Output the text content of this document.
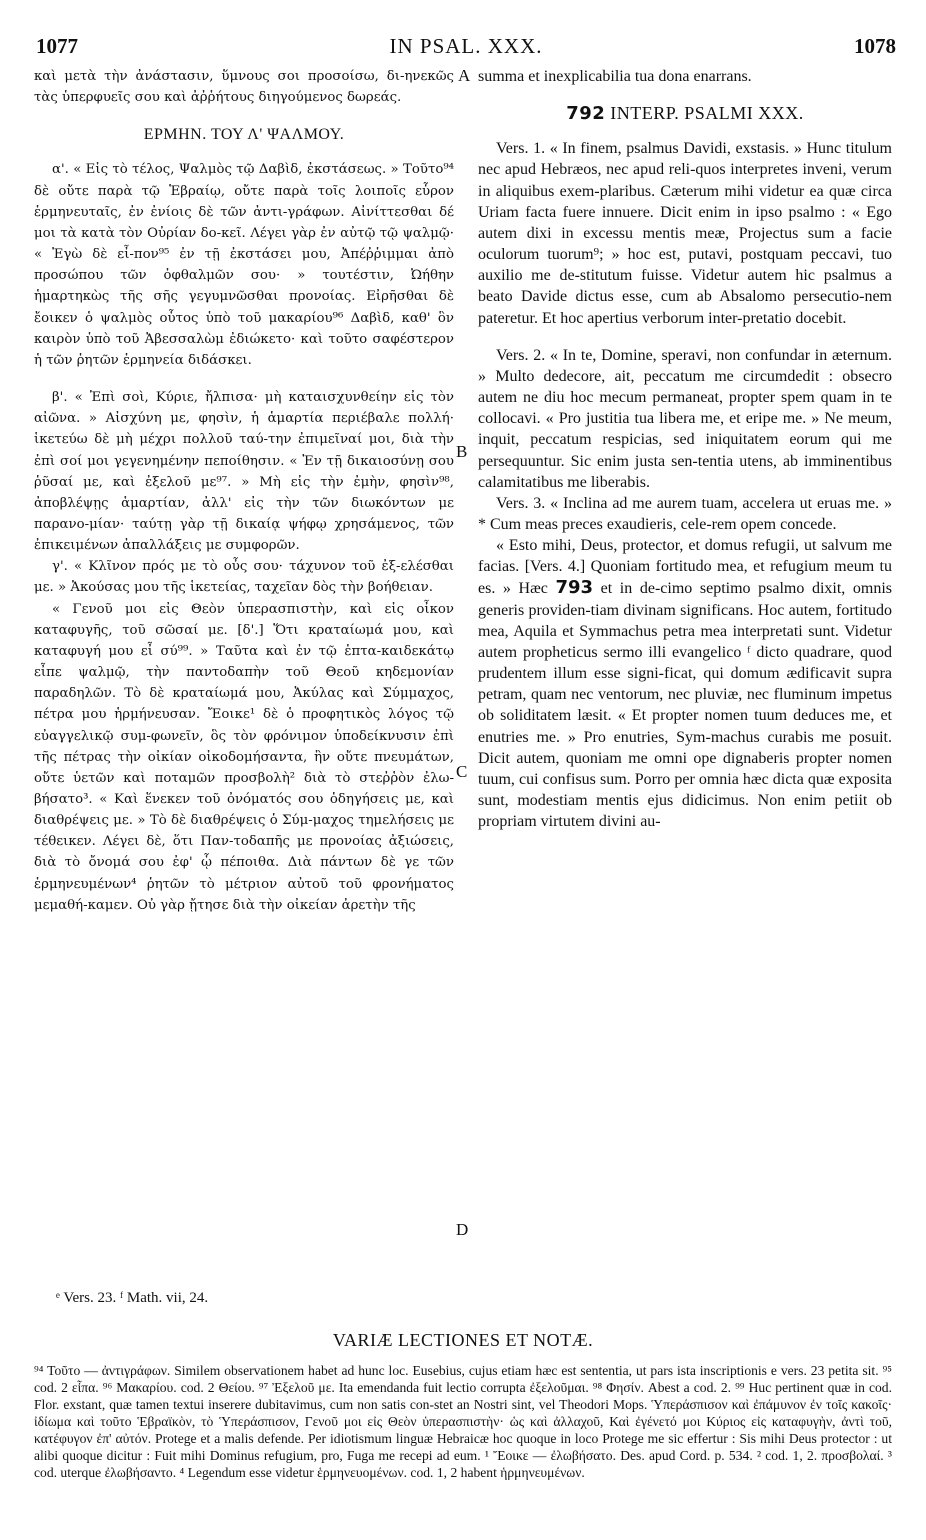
1077	IN PSAL. XXX.	1078
A
B
C
D

καὶ μετὰ τὴν ἀνάστασιν, ὕμνους σοι προσοίσω, δι-ηνεκῶς τὰς ὑπερφυεῖς σου καὶ ἀῤῥήτους διηγούμενος δωρεάς.

ΕΡΜΗΝ. ΤΟΥ Λ' ΨΑΛΜΟΥ.

α'. « Εἰς τὸ τέλος, Ψαλμὸς τῷ Δαβὶδ, ἐκστάσεως. » Τοῦτο⁹⁴ δὲ οὔτε παρὰ τῷ Ἑβραίῳ, οὔτε παρὰ τοῖς λοιποῖς εὗρον ἑρμηνευταῖς, ἐν ἐνίοις δὲ τῶν ἀντι-γράφων. Αἰνίττεσθαι δέ μοι τὰ κατὰ τὸν Οὐρίαν δο-κεῖ. Λέγει γὰρ ἐν αὐτῷ τῷ ψαλμῷ· « Ἐγὼ δὲ εἶ-πον⁹⁵ ἐν τῇ ἐκστάσει μου, Ἀπέῤῥιμμαι ἀπὸ προσώπου τῶν ὀφθαλμῶν σου· » τουτέστιν, Ὠήθην ἡμαρτηκὼς τῆς σῆς γεγυμνῶσθαι προνοίας. Εἰρῆσθαι δὲ ἔοικεν ὁ ψαλμὸς οὗτος ὑπὸ τοῦ μακαρίου⁹⁶ Δαβὶδ, καθ' ὃν καιρὸν ὑπὸ τοῦ Ἀβεσσαλὼμ ἐδιώκετο· καὶ τοῦτο σαφέστερον ἡ τῶν ῥητῶν ἑρμηνεία διδάσκει.

β'. « Ἐπὶ σοὶ, Κύριε, ἤλπισα· μὴ καταισχυνθείην εἰς τὸν αἰῶνα. » Αἰσχύνη με, φησὶν, ἡ ἁμαρτία περιέβαλε πολλή· ἱκετεύω δὲ μὴ μέχρι πολλοῦ ταύ-την ἐπιμεῖναί μοι, διὰ τὴν ἐπὶ σοί μοι γεγενημένην πεποίθησιν. « Ἐν τῇ δικαιοσύνῃ σου ῥῦσαί με, καὶ ἐξελοῦ με⁹⁷. » Μὴ εἰς τὴν ἐμὴν, φησὶν⁹⁸, ἀποβλέψῃς ἁμαρτίαν, ἀλλ' εἰς τὴν τῶν διωκόντων με παρανο-μίαν· ταύτῃ γὰρ τῇ δικαίᾳ ψήφῳ χρησάμενος, τῶν ἐπικειμένων ἀπαλλάξεις με συμφορῶν.

γ'. « Κλῖνον πρός με τὸ οὖς σου· τάχυνον τοῦ ἐξ-ελέσθαι με. » Ἀκούσας μου τῆς ἱκετείας, ταχεῖαν δὸς τὴν βοήθειαν.

« Γενοῦ μοι εἰς Θεὸν ὑπερασπιστὴν, καὶ εἰς οἶκον καταφυγῆς, τοῦ σῶσαί με. [δ'.] Ὅτι κραταίωμά μου, καὶ καταφυγή μου εἶ σύ⁹⁹. » Ταῦτα καὶ ἐν τῷ ἑπτα-καιδεκάτῳ εἶπε ψαλμῷ, τὴν παντοδαπὴν τοῦ Θεοῦ κηδεμονίαν παραδηλῶν. Τὸ δὲ κραταίωμά μου, Ἀκύλας καὶ Σύμμαχος, πέτρα μου ἡρμήνευσαν. Ἔοικε¹ δὲ ὁ προφητικὸς λόγος τῷ εὐαγγελικῷ συμ-φωνεῖν, ὃς τὸν φρόνιμον ὑποδείκνυσιν ἐπὶ τῆς πέτρας τὴν οἰκίαν οἰκοδομήσαντα, ἣν οὔτε πνευμάτων, οὔτε ὑετῶν καὶ ποταμῶν προσβολὴ² διὰ τὸ στεῤῥὸν ἐλω-βήσατο³. « Καὶ ἕνεκεν τοῦ ὀνόματός σου ὁδηγήσεις με, καὶ διαθρέψεις με. » Τὸ δὲ διαθρέψεις ὁ Σύμ-μαχος τημελήσεις με τέθεικεν. Λέγει δὲ, ὅτι Παν-τοδαπῆς με προνοίας ἀξιώσεις, διὰ τὸ ὄνομά σου ἐφ' ᾧ πέποιθα. Διὰ πάντων δὲ γε τῶν ἑρμηνευμένων⁴ ῥητῶν τὸ μέτριον αὐτοῦ τοῦ φρονήματος μεμαθή-καμεν. Οὐ γὰρ ᾔτησε διὰ τὴν οἰκείαν ἀρετὴν τῆς

summa et inexplicabilia tua dona enarrans.

792 INTERP. PSALMI XXX.

Vers. 1. « In finem, psalmus Davidi, exstasis. » Hunc titulum nec apud Hebræos, nec apud reli-quos interpretes inveni, verum in aliquibus exem-plaribus. Cæterum mihi videtur ea quæ circa Uriam facta fuere innuere. Dicit enim in ipso psalmo : « Ego autem dixi in excessu mentis meæ, Projectus sum a facie oculorum tuorum⁹; » hoc est, putavi, postquam peccavi, tuo auxilio me de-stitutum fuisse. Videtur autem hic psalmus a beato Davide dictus esse, cum ab Absalomo persecutio-nem pateretur. Et hoc apertius verborum inter-pretatio docebit.

Vers. 2. « In te, Domine, speravi, non confundar in æternum. » Multo dedecore, ait, peccatum me circumdedit : obsecro autem ne diu hoc mecum permaneat, propter spem quam in te collocavi. « Pro justitia tua libera me, et eripe me. » Ne meum, inquit, peccatum respicias, sed iniquitatem eorum qui me persequuntur. Sic enim justa sen-tentia utens, ab imminentibus calamitatibus me liberabis.

Vers. 3. « Inclina ad me aurem tuam, accelera ut eruas me. » * Cum meas preces exaudieris, cele-rem opem concede.

« Esto mihi, Deus, protector, et domus refugii, ut salvum me facias. [Vers. 4.] Quoniam fortitudo mea, et refugium meum tu es. » Hæc 793 et in de-cimo septimo psalmo dixit, omnis generis providen-tiam divinam significans. Hoc autem, fortitudo mea, Aquila et Symmachus petra mea interpretati sunt. Videtur autem propheticus sermo illi evangelico ᶠ dicto quadrare, quod prudentem illum esse signi-ficat, qui domum ædificavit supra petram, quam nec ventorum, nec pluviæ, nec fluminum impetus ob soliditatem læsit. « Et propter nomen tuum deduces me, et enutries me. » Pro enutries, Sym-machus curabis me posuit. Dicit autem, quoniam me omni ope dignaberis propter nomen tuum, cui confisus sum. Porro per omnia hæc dicta quæ exposita sunt, modestiam mentis ejus didicimus. Non enim petiit ob propriam virtutem divini au-

ᵉ Vers. 23. ᶠ Math. vii, 24.
VARIÆ LECTIONES ET NOTÆ.

⁹⁴ Τοῦτο — ἀντιγράφων. Similem observationem habet ad hunc loc. Eusebius, cujus etiam hæc est sententia, ut pars ista inscriptionis e vers. 23 petita sit. ⁹⁵ cod. 2 εἶπα. ⁹⁶ Μακαρίου. cod. 2 Θείου. ⁹⁷ Ἐξελοῦ με. Ita emendanda fuit lectio corrupta ἐξελοῦμαι. ⁹⁸ Φησίν. Abest a cod. 2. ⁹⁹ Huc pertinent quæ in cod. Flor. exstant, quæ tamen textui inserere dubitavimus, cum non satis con-stet an Nostri sint, vel Theodori Mops. Ὑπεράσπισον καὶ ἐπάμυνον ἐν τοῖς κακοῖς· ἰδίωμα καὶ τοῦτο Ἑβραϊκὸν, τὸ Ὑπεράσπισον, Γενοῦ μοι εἰς Θεὸν ὑπερασπιστὴν· ὡς καὶ ἀλλαχοῦ, Καὶ ἐγένετό μοι Κύριος εἰς καταφυγὴν, ἀντὶ τοῦ, κατέφυγον ἐπ' αὐτόν. Protege et a malis defende. Per idiotismum linguæ Hebraicæ hoc quoque in loco Protege me sic effertur : Sis mihi Deus protector : ut alibi quoque dicitur : Fuit mihi Dominus refugium, pro, Fuga me recepi ad eum. ¹ Ἔοικε — ἐλωβήσατο. Des. apud Cord. p. 534. ² cod. 1, 2. προσβολαί. ³ cod. uterque ἐλωβήσαντο. ⁴ Legendum esse videtur ἑρμηνευομένων. cod. 1, 2 habent ἡρμηνευμένων.
